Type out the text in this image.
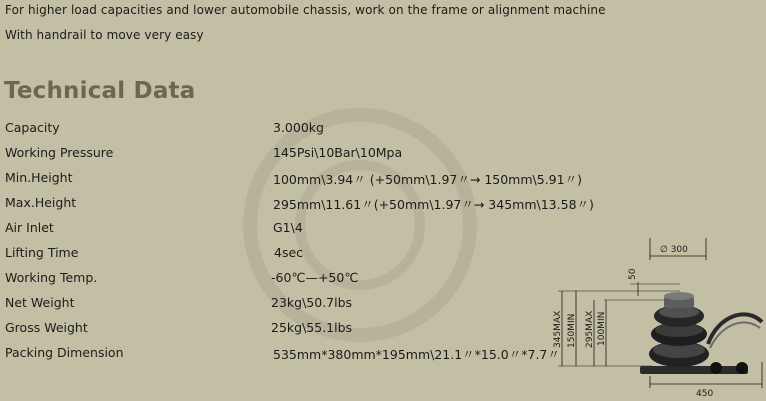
For higher load capacities and lower automobile chassis, work on the frame or alignment machine
With handrail to move very easy
Technical Data
Capacity	3.000kg
Working Pressure	145Psi\10Bar\10Mpa
Min.Height	100mm\3.94〃 (+50mm\1.97〃→ 150mm\5.91〃)
Max.Height	295mm\11.61〃(+50mm\1.97〃→ 345mm\13.58〃)
Air Inlet	G1\4
Lifting Time	4sec
Working Temp.	-60℃—+50℃
Net Weight	23kg\50.7lbs
Gross Weight	25kg\55.1lbs
Packing Dimension	535mm*380mm*195mm\21.1〃*15.0〃*7.7〃
∅ 300
50
345MAX 150MIN 295MAX 100MIN
450
